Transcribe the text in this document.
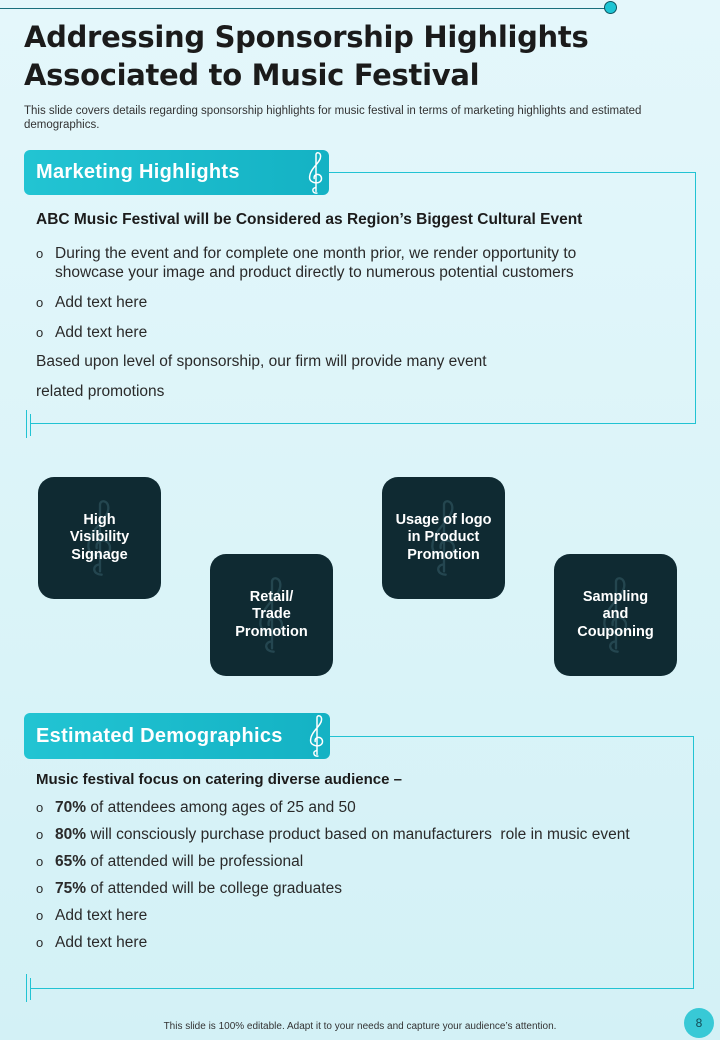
Addressing Sponsorship Highlights Associated to Music Festival
This slide covers details regarding sponsorship highlights for music festival in terms of marketing highlights and estimated demographics.
Marketing Highlights
ABC Music Festival will be Considered as Region’s Biggest Cultural Event
o During the event and for complete one month prior, we render opportunity to showcase your image and product directly to numerous potential customers
o Add text here
o Add text here
Based upon level of sponsorship, our firm will provide many event
related promotions
High Visibility Signage
Retail/ Trade Promotion
Usage of logo in Product Promotion
Sampling and Couponing
Estimated Demographics
Music festival focus on catering diverse audience –
o 70% of attendees among ages of 25 and 50
o 80% will consciously purchase product based on manufacturers  role in music event
o 65% of attended will be professional
o 75% of attended will be college graduates
o Add text here
o Add text here
This slide is 100% editable. Adapt it to your needs and capture your audience’s attention.	8
